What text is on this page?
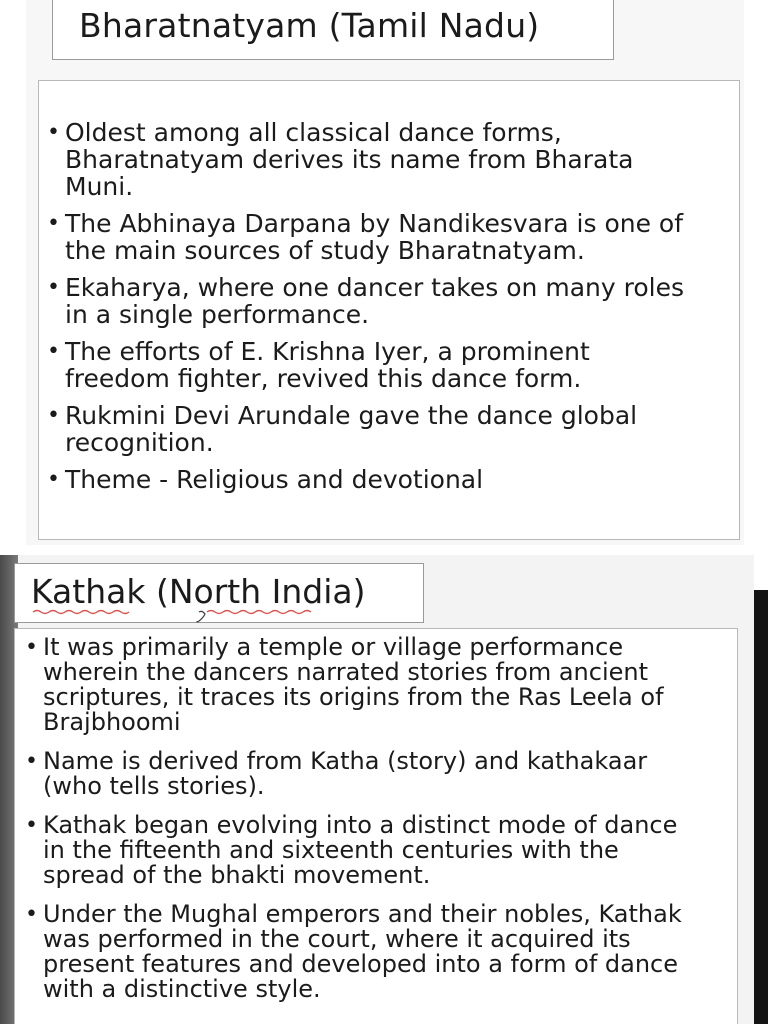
Bharatnatyam (Tamil Nadu)
• Oldest among all classical dance forms,
Bharatnatyam derives its name from Bharata
Muni.
• The Abhinaya Darpana by Nandikesvara is one of
the main sources of study Bharatnatyam.
• Ekaharya, where one dancer takes on many roles
in a single performance.
• The efforts of E. Krishna Iyer, a prominent
freedom fighter, revived this dance form.
• Rukmini Devi Arundale gave the dance global
recognition.
• Theme - Religious and devotional
Kathak (North India)
• It was primarily a temple or village performance
wherein the dancers narrated stories from ancient
scriptures, it traces its origins from the Ras Leela of
Brajbhoomi
• Name is derived from Katha (story) and kathakaar
(who tells stories).
• Kathak began evolving into a distinct mode of dance
in the fifteenth and sixteenth centuries with the
spread of the bhakti movement.
• Under the Mughal emperors and their nobles, Kathak
was performed in the court, where it acquired its
present features and developed into a form of dance
with a distinctive style.
